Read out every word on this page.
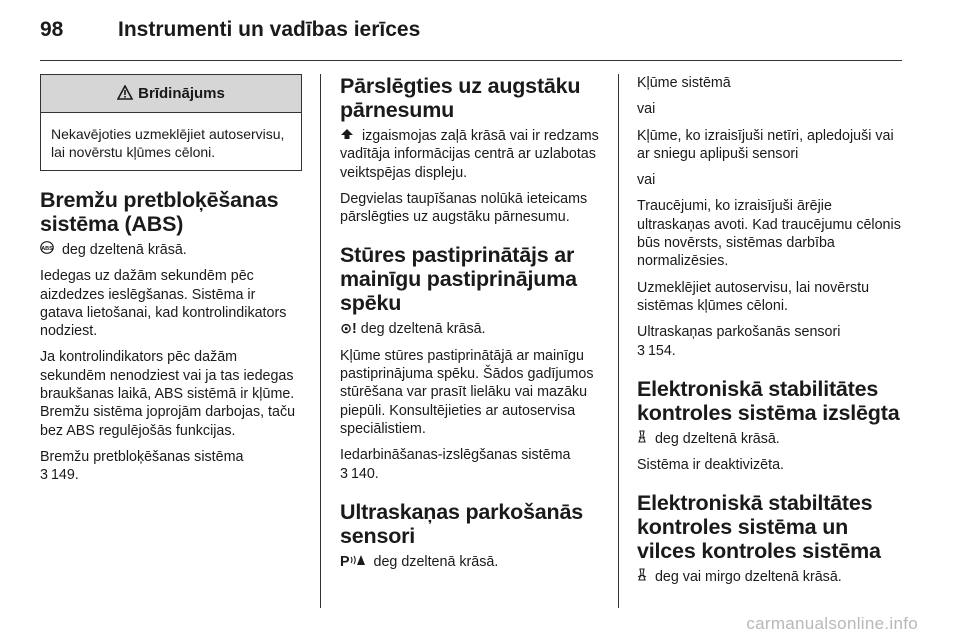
98	Instrumenti un vadības ierīces
Brīdinājums
Nekavējoties uzmeklējiet autoservisu, lai novērstu kļūmes cēloni.
Bremžu pretbloķēšanas sistēma (ABS)

ABS deg dzeltenā krāsā.

Iedegas uz dažām sekundēm pēc aizdedzes ieslēgšanas. Sistēma ir gatava lietošanai, kad kontrolindikators nodziest.

Ja kontrolindikators pēc dažām sekundēm nenodziest vai ja tas iedegas braukšanas laikā, ABS sistēmā ir kļūme. Bremžu sistēma joprojām darbojas, taču bez ABS regulējošās funkcijas.

Bremžu pretbloķēšanas sistēma
3 149.

Pārslēgties uz augstāku pārnesumu

izgaismojas zaļā krāsā vai ir redzams vadītāja informācijas centrā ar uzlabotas veiktspējas displeju.

Degvielas taupīšanas nolūkā ieteicams pārslēgties uz augstāku pārnesumu.

Stūres pastiprinātājs ar mainīgu pastiprinājuma spēku

⊙! deg dzeltenā krāsā.

Kļūme stūres pastiprinātājā ar mainīgu pastiprinājuma spēku. Šādos gadījumos stūrēšana var prasīt lielāku vai mazāku piepūli. Konsultējieties ar autoservisa speciālistiem.

Iedarbināšanas-izslēgšanas sistēma
3 140.

Ultraskaņas parkošanās sensori

P deg dzeltenā krāsā.

Kļūme sistēmā

vai

Kļūme, ko izraisījuši netīri, apledojuši vai ar sniegu aplipuši sensori

vai

Traucējumi, ko izraisījuši ārējie ultraskaņas avoti. Kad traucējumu cēlonis būs novērsts, sistēmas darbība normalizēsies.

Uzmeklējiet autoservisu, lai novērstu sistēmas kļūmes cēloni.

Ultraskaņas parkošanās sensori
3 154.

Elektroniskā stabilitātes kontroles sistēma izslēgta

deg dzeltenā krāsā.

Sistēma ir deaktivizēta.

Elektroniskā stabiltātes kontroles sistēma un vilces kontroles sistēma

deg vai mirgo dzeltenā krāsā.

carmanualsonline.info
